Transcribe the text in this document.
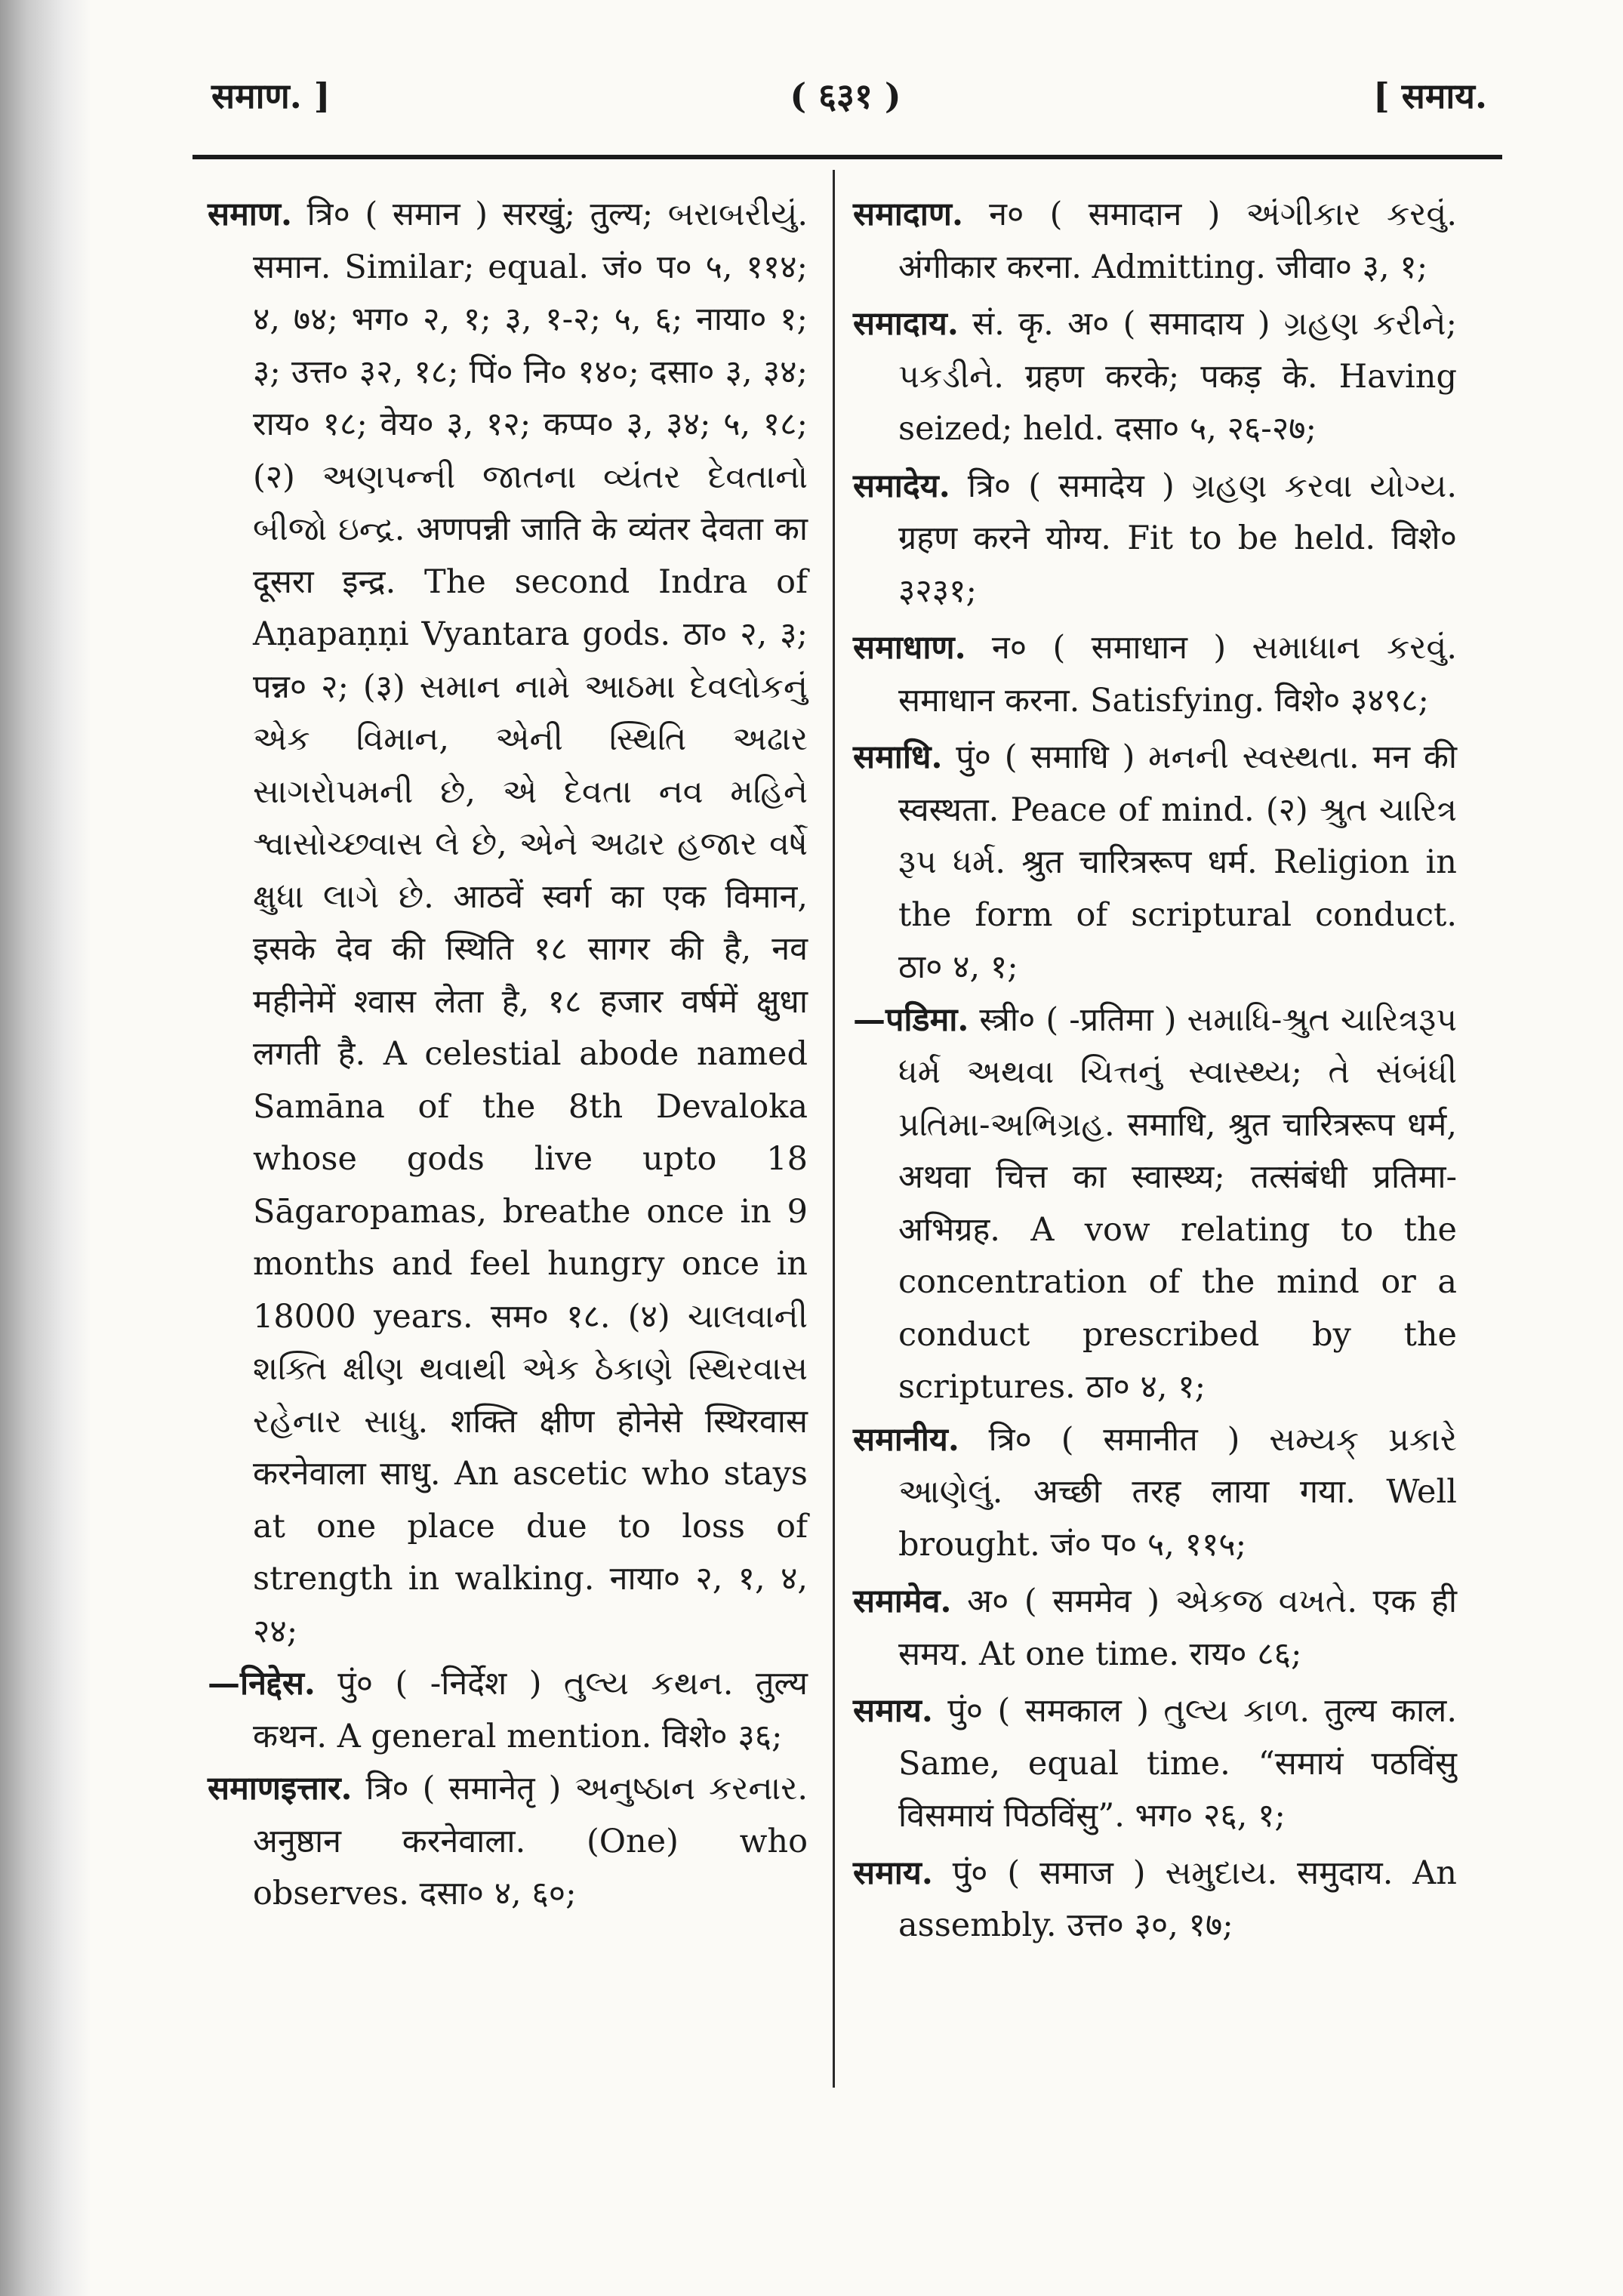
समाण. ]	( ६३१ )	[ समाय.

समाण. त्रि० ( समान ) सरखुं; तुल्य; બરાબરીયું. समान. Similar; equal. जं० प० ५, ११४; ४, ७४; भग० २, १; ३, १-२; ५, ६; नाया० १; ३; उत्त० ३२, १८; पिं० नि० १४०; दसा० ३, ३४; राय० १८; वेय० ३, १२; कप्प० ३, ३४; ५, १८; (२) અણપન્ની જાતના વ્યંતર દેવતાનો બીજો ઇન્દ્ર. अणपन्नी जाति के व्यंतर देवता का दूसरा इन्द्र. The second Indra of Aṇapaṇṇi Vyantara gods. ठा० २, ३; पन्न० २; (३) સમાન નામે આઠમા દેવલોકનું એક વિમાન, એની સ્થિતિ અઢાર સાગરોપમની છે, એ દેવતા નવ મહિને શ્વાસોચ્છ્વાસ લે છે, એને અઢાર હજાર વર્ષે ક્ષુધા લાગે છે. आठवें स्वर्ग का एक विमान, इसके देव की स्थिति १८ सागर की है, नव महीनेमें श्वास लेता है, १८ हजार वर्षमें क्षुधा लगती है. A celestial abode named Samāna of the 8th Devaloka whose gods live upto 18 Sāgaropamas, breathe once in 9 months and feel hungry once in 18000 years. सम० १८. (४) ચાલવાની શક્તિ ક્ષીણ થવાથી એક ઠેકાણે સ્થિરવાસ રહેનાર સાધુ. शक्ति क्षीण होनेसे स्थिरवास करनेवाला साधु. An ascetic who stays at one place due to loss of strength in walking. नाया० २, १, ४, २४;

—निद्देस. पुं० ( -निर्देश ) તુલ્ય કથન. तुल्य कथन. A general mention. विशे० ३६;

समाणइत्तार. त्रि० ( समानेतृ ) અનુષ્ઠાન કરનાર. अनुष्ठान करनेवाला. (One) who observes. दसा० ४, ६०;

समादाण. न० ( समादान ) અંગીકાર કરવું. अंगीकार करना. Admitting. जीवा० ३, १;

समादाय. सं. कृ. अ० ( समादाय ) ગ્રહણ કરીને; પકડીને. ग्रहण करके; पकड़ के. Having seized; held. दसा० ५, २६-२७;

समादेय. त्रि० ( समादेय ) ગ્રહણ કરવા યોગ્ય. ग्रहण करने योग्य. Fit to be held. विशे० ३२३१;

समाधाण. न० ( समाधान ) સમાધાન કરવું. समाधान करना. Satisfying. विशे० ३४९८;

समाधि. पुं० ( समाधि ) મનની સ્વસ્થતા. मन की स्वस्थता. Peace of mind. (२) શ્રુત ચારિત્ર રૂપ ધર્મ. श्रुत चारित्ररूप धर्म. Religion in the form of scriptural conduct. ठा० ४, १;

—पडिमा. स्त्री० ( -प्रतिमा ) સમાધિ-શ્રુત ચારિત્રરૂપ ધર્મ અથવા ચિત્તનું સ્વાસ્થ્ય; તે સંબંધી પ્રતિમા-અભિગ્રહ. समाधि, श्रुत चारित्ररूप धर्म, अथवा चित्त का स्वास्थ्य; तत्संबंधी प्रतिमा-अभिग्रह. A vow relating to the concentration of the mind or a conduct prescribed by the scriptures. ठा० ४, १;

समानीय. त्रि० ( समानीत ) સમ્યક્ પ્રકારે આણેલું. अच्छी तरह लाया गया. Well brought. जं० प० ५, ११५;

समामेव. अ० ( सममेव ) એકજ વખતે. एक ही समय. At one time. राय० ८६;

समाय. पुं० ( समकाल ) તુલ્ય કાળ. तुल्य काल. Same, equal time. “समायं पठविंसु विसमायं पिठविंसु”. भग० २६, १;

समाय. पुं० ( समाज ) સમુદાય. समुदाय. An assembly. उत्त० ३०, १७;
